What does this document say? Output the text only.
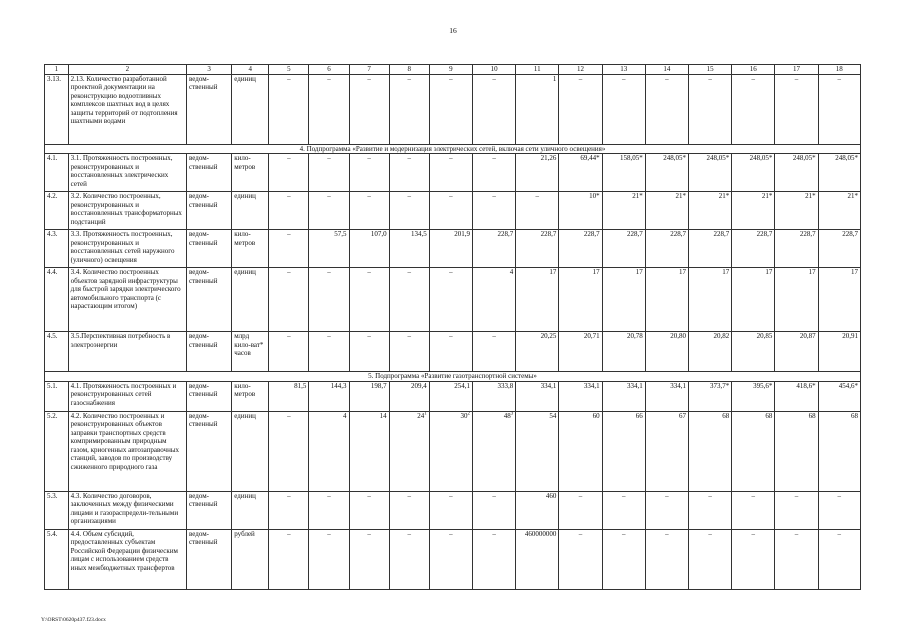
16
1	2	3	4	5	6	7	8	9	10	11	12	13	14	15	16	17	18
3.13.	2.13. Количество разработанной проектной документации на реконструкцию водоотливных комплексов шахтных вод в целях защиты территорий от подтопления шахтными водами	ведом-ственный	единиц	–	–	–	–	–	–	1	–	–	–	–	–	–	–
4. Подпрограмма «Развитие и модернизация электрических сетей, включая сети уличного освещения»																	
4.1.	3.1. Протяженность построенных, реконструированных и восстановленных электрических сетей	ведом-ственный	кило-метров	–	–	–	–	–	–	21,26	69,44*	158,05*	248,05*	248,05*	248,05*	248,05*	248,05*
4.2.	3.2. Количество построенных, реконструированных и восстановленных трансформаторных подстанций	ведом-ственный	единиц	–	–	–	–	–	–	–	10*	21*	21*	21*	21*	21*	21*
4.3.	3.3. Протяженность построенных, реконструированных и восстановленных сетей наружного (уличного) освещения	ведом-ственный	кило-метров	–	57,5	107,0	134,5	201,9	228,7	228,7	228,7	228,7	228,7	228,7	228,7	228,7	228,7
4.4.	3.4. Количество построенных объектов зарядной инфраструктуры для быстрой зарядки электрического автомобильного транспорта (с нарастающим итогом)	ведом-ственный	единиц	–	–	–	–	–	4	17	17	17	17	17	17	17	17
4.5.	3.5.Перспективная потребность в электроэнергии	ведом-ственный	млрд кило-ват* часов	–	–	–	–	–	–	20,25	20,71	20,78	20,80	20,82	20,85	20,87	20,91
5. Подпрограмма «Развитие газотранспортной системы»																	
5.1.	4.1. Протяженность построенных и реконструированных сетей газоснабжения	ведом-ственный	кило-метров	81,5	144,3	198,7	209,4	254,1	333,8	334,1	334,1	334,1	334,1	373,7*	395,6*	418,6*	454,6*
5.2.	4.2. Количество построенных и реконструированных объектов заправки транспортных средств компримированным природным газом, криогенных автозаправочных станций, заводов по производству сжиженного природного газа	ведом-ственный	единиц	–	4	14	$24^1$	$30^2$	$48^3$	54	60	66	67	68	68	68	68
5.3.	4.3. Количество договоров, заключенных между физическими лицами и газораспредели-тельными организациями	ведом-ственный	единиц	–	–	–	–	–	–	460	–	–	–	–	–	–	–
5.4.	4.4. Объем субсидий, предоставленных субъектам Российской Федерации физическим лицам с использованием средств иных межбюджетных трансфертов	ведом-ственный	рублей	–	–	–	–	–	–	460000000	–	–	–	–	–	–	–
Y:\ORST\0620p437.f23.docx
